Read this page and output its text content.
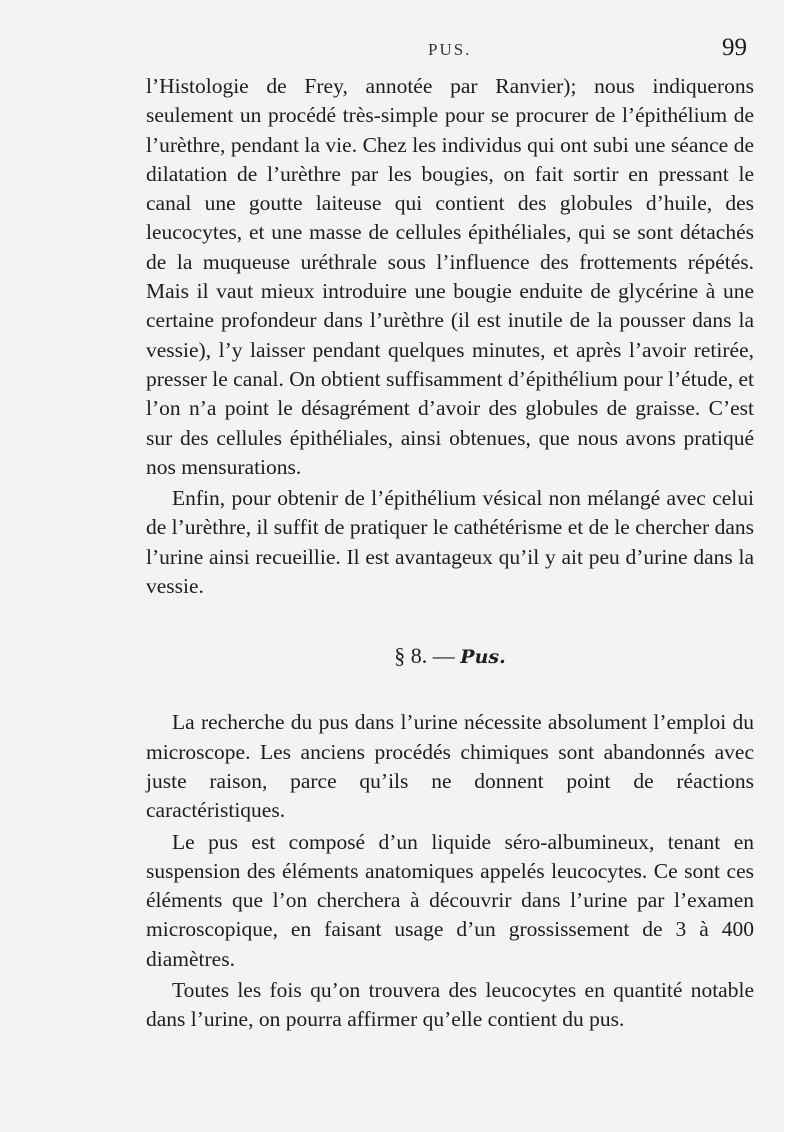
PUS.	99

l’Histologie de Frey, annotée par Ranvier); nous indiquerons seulement un procédé très-simple pour se procurer de l’épithélium de l’urèthre, pendant la vie. Chez les individus qui ont subi une séance de dilatation de l’urèthre par les bougies, on fait sortir en pressant le canal une goutte laiteuse qui contient des globules d’huile, des leucocytes, et une masse de cellules épithéliales, qui se sont détachés de la muqueuse uréthrale sous l’influence des frottements répétés. Mais il vaut mieux introduire une bougie enduite de glycérine à une certaine profondeur dans l’urèthre (il est inutile de la pousser dans la vessie), l’y laisser pendant quelques minutes, et après l’avoir retirée, presser le canal. On obtient suffisamment d’épithélium pour l’étude, et l’on n’a point le désagrément d’avoir des globules de graisse. C’est sur des cellules épithéliales, ainsi obtenues, que nous avons pratiqué nos mensurations.

Enfin, pour obtenir de l’épithélium vésical non mélangé avec celui de l’urèthre, il suffit de pratiquer le cathétérisme et de le chercher dans l’urine ainsi recueillie. Il est avantageux qu’il y ait peu d’urine dans la vessie.

§ 8. — Pus.

La recherche du pus dans l’urine nécessite absolument l’emploi du microscope. Les anciens procédés chimiques sont abandonnés avec juste raison, parce qu’ils ne donnent point de réactions caractéristiques.

Le pus est composé d’un liquide séro-albumineux, tenant en suspension des éléments anatomiques appelés leucocytes. Ce sont ces éléments que l’on cherchera à découvrir dans l’urine par l’examen microscopique, en faisant usage d’un grossissement de 3 à 400 diamètres.

Toutes les fois qu’on trouvera des leucocytes en quantité notable dans l’urine, on pourra affirmer qu’elle contient du pus.
